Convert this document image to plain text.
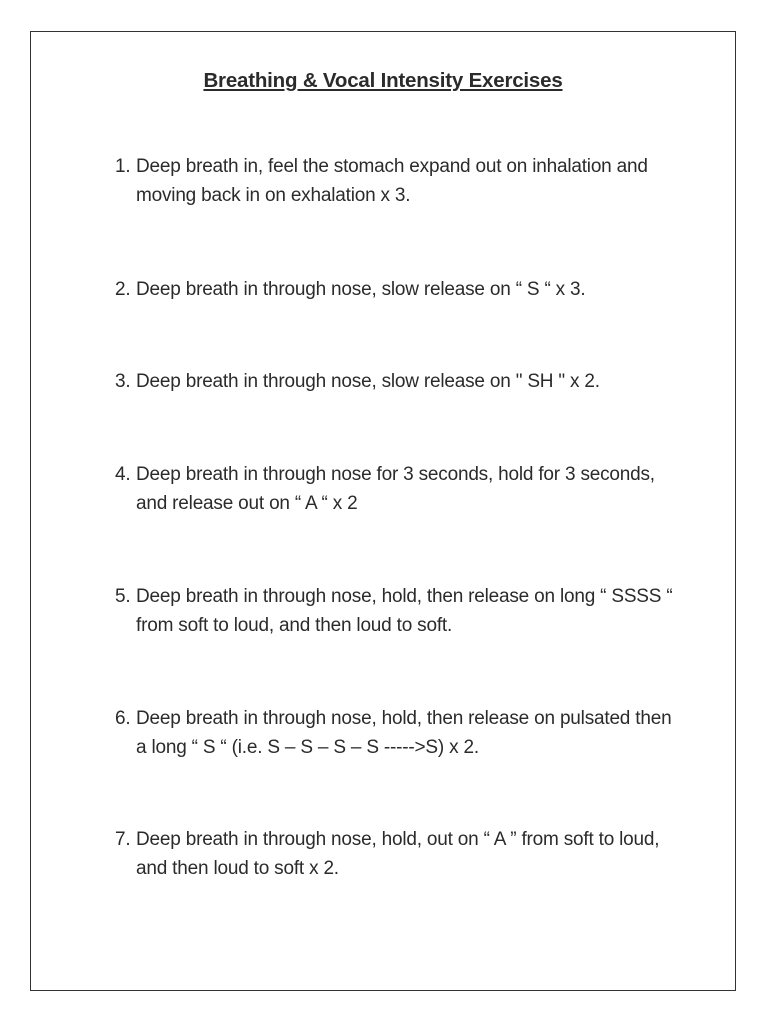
Breathing & Vocal Intensity Exercises
1. Deep breath in, feel the stomach expand out on inhalation and moving back in on exhalation x 3.
2. Deep breath in through nose, slow release on “ S “ x 3.
3. Deep breath in through nose, slow release on " SH " x 2.
4. Deep breath in through nose for 3 seconds, hold for 3 seconds, and release out on “ A “ x 2
5. Deep breath in through nose, hold, then release on long “ SSSS “ from soft to loud, and then loud to soft.
6. Deep breath in through nose, hold, then release on pulsated then a long “ S “ (i.e. S – S – S – S ----->S) x 2.
7. Deep breath in through nose, hold, out on “ A ” from soft to loud, and then loud to soft x 2.
